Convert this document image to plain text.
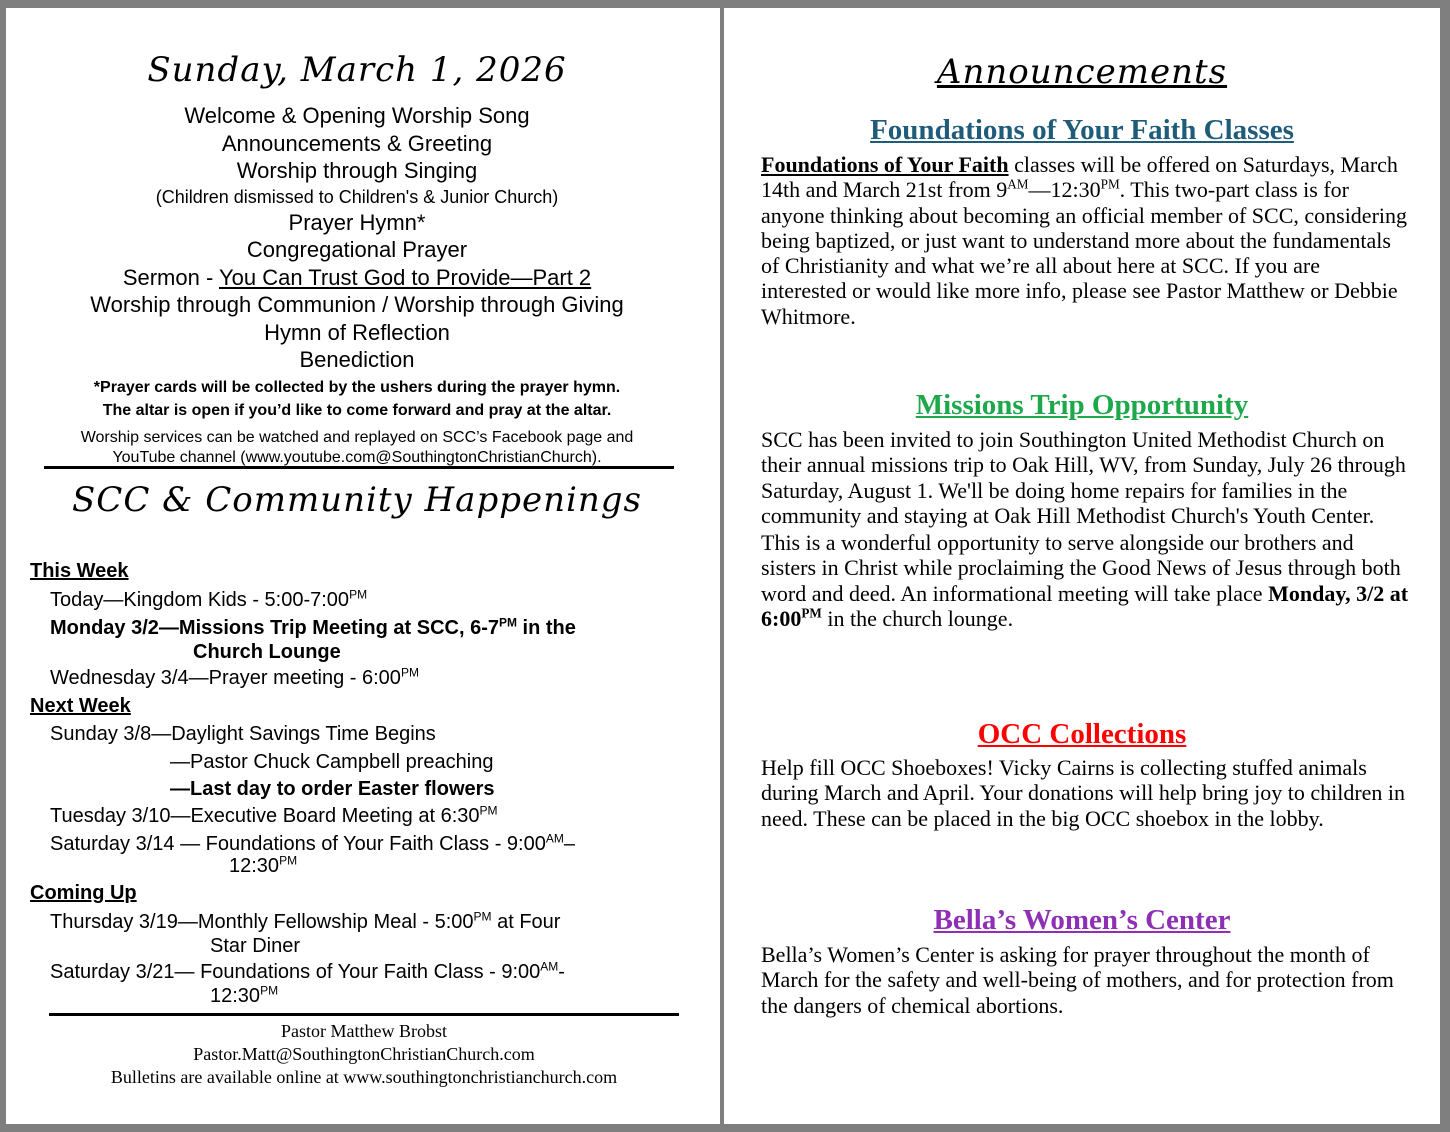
Sunday, March 1, 2026
Welcome & Opening Worship Song
Announcements & Greeting
Worship through Singing
(Children dismissed to Children's & Junior Church)
Prayer Hymn*
Congregational Prayer
Sermon - You Can Trust God to Provide—Part 2
Worship through Communion / Worship through Giving
Hymn of Reflection
Benediction
*Prayer cards will be collected by the ushers during the prayer hymn.
The altar is open if you’d like to come forward and pray at the altar.
Worship services can be watched and replayed on SCC’s Facebook page and
YouTube channel (www.youtube.com@SouthingtonChristianChurch).
SCC & Community Happenings
This Week
Today—Kingdom Kids - $5:00-7:00^{PM}$
Monday 3/2—Missions Trip Meeting at SCC, $6-7^{PM}$ in the
Church Lounge
Wednesday 3/4—Prayer meeting - $6:00^{PM}$
Next Week
Sunday 3/8—Daylight Savings Time Begins
—Pastor Chuck Campbell preaching
—Last day to order Easter flowers
Tuesday 3/10—Executive Board Meeting at $6:30^{PM}$
Saturday 3/14 — Foundations of Your Faith Class - $9:00^{AM}-$
$12:30^{PM}$
Coming Up
Thursday 3/19—Monthly Fellowship Meal - $5:00^{PM}$ at Four
Star Diner
Saturday 3/21— Foundations of Your Faith Class - $9:00^{AM}-$
$12:30^{PM}$
Pastor Matthew Brobst
Pastor.Matt@SouthingtonChristianChurch.com
Bulletins are available online at www.southingtonchristianchurch.com
Announcements
Foundations of Your Faith Classes

Foundations of Your Faith classes will be offered on Saturdays, March 14th and March 21st from $9^{AM}—12:30^{PM}$. This two-part class is for anyone thinking about becoming an official member of SCC, considering being baptized, or just want to understand more about the fundamentals of Christianity and what we’re all about here at SCC. If you are interested or would like more info, please see Pastor Matthew or Debbie Whitmore.

Missions Trip Opportunity

SCC has been invited to join Southington United Methodist Church on their annual missions trip to Oak Hill, WV, from Sunday, July 26 through Saturday, August 1. We'll be doing home repairs for families in the community and staying at Oak Hill Methodist Church's Youth Center.

This is a wonderful opportunity to serve alongside our brothers and sisters in Christ while proclaiming the Good News of Jesus through both word and deed. An informational meeting will take place Monday, 3/2 at $6:00^{PM}$ in the church lounge.

OCC Collections

Help fill OCC Shoeboxes! Vicky Cairns is collecting stuffed animals during March and April. Your donations will help bring joy to children in need. These can be placed in the big OCC shoebox in the lobby.

Bella’s Women’s Center

Bella’s Women’s Center is asking for prayer throughout the month of March for the safety and well-being of mothers, and for protection from the dangers of chemical abortions.
